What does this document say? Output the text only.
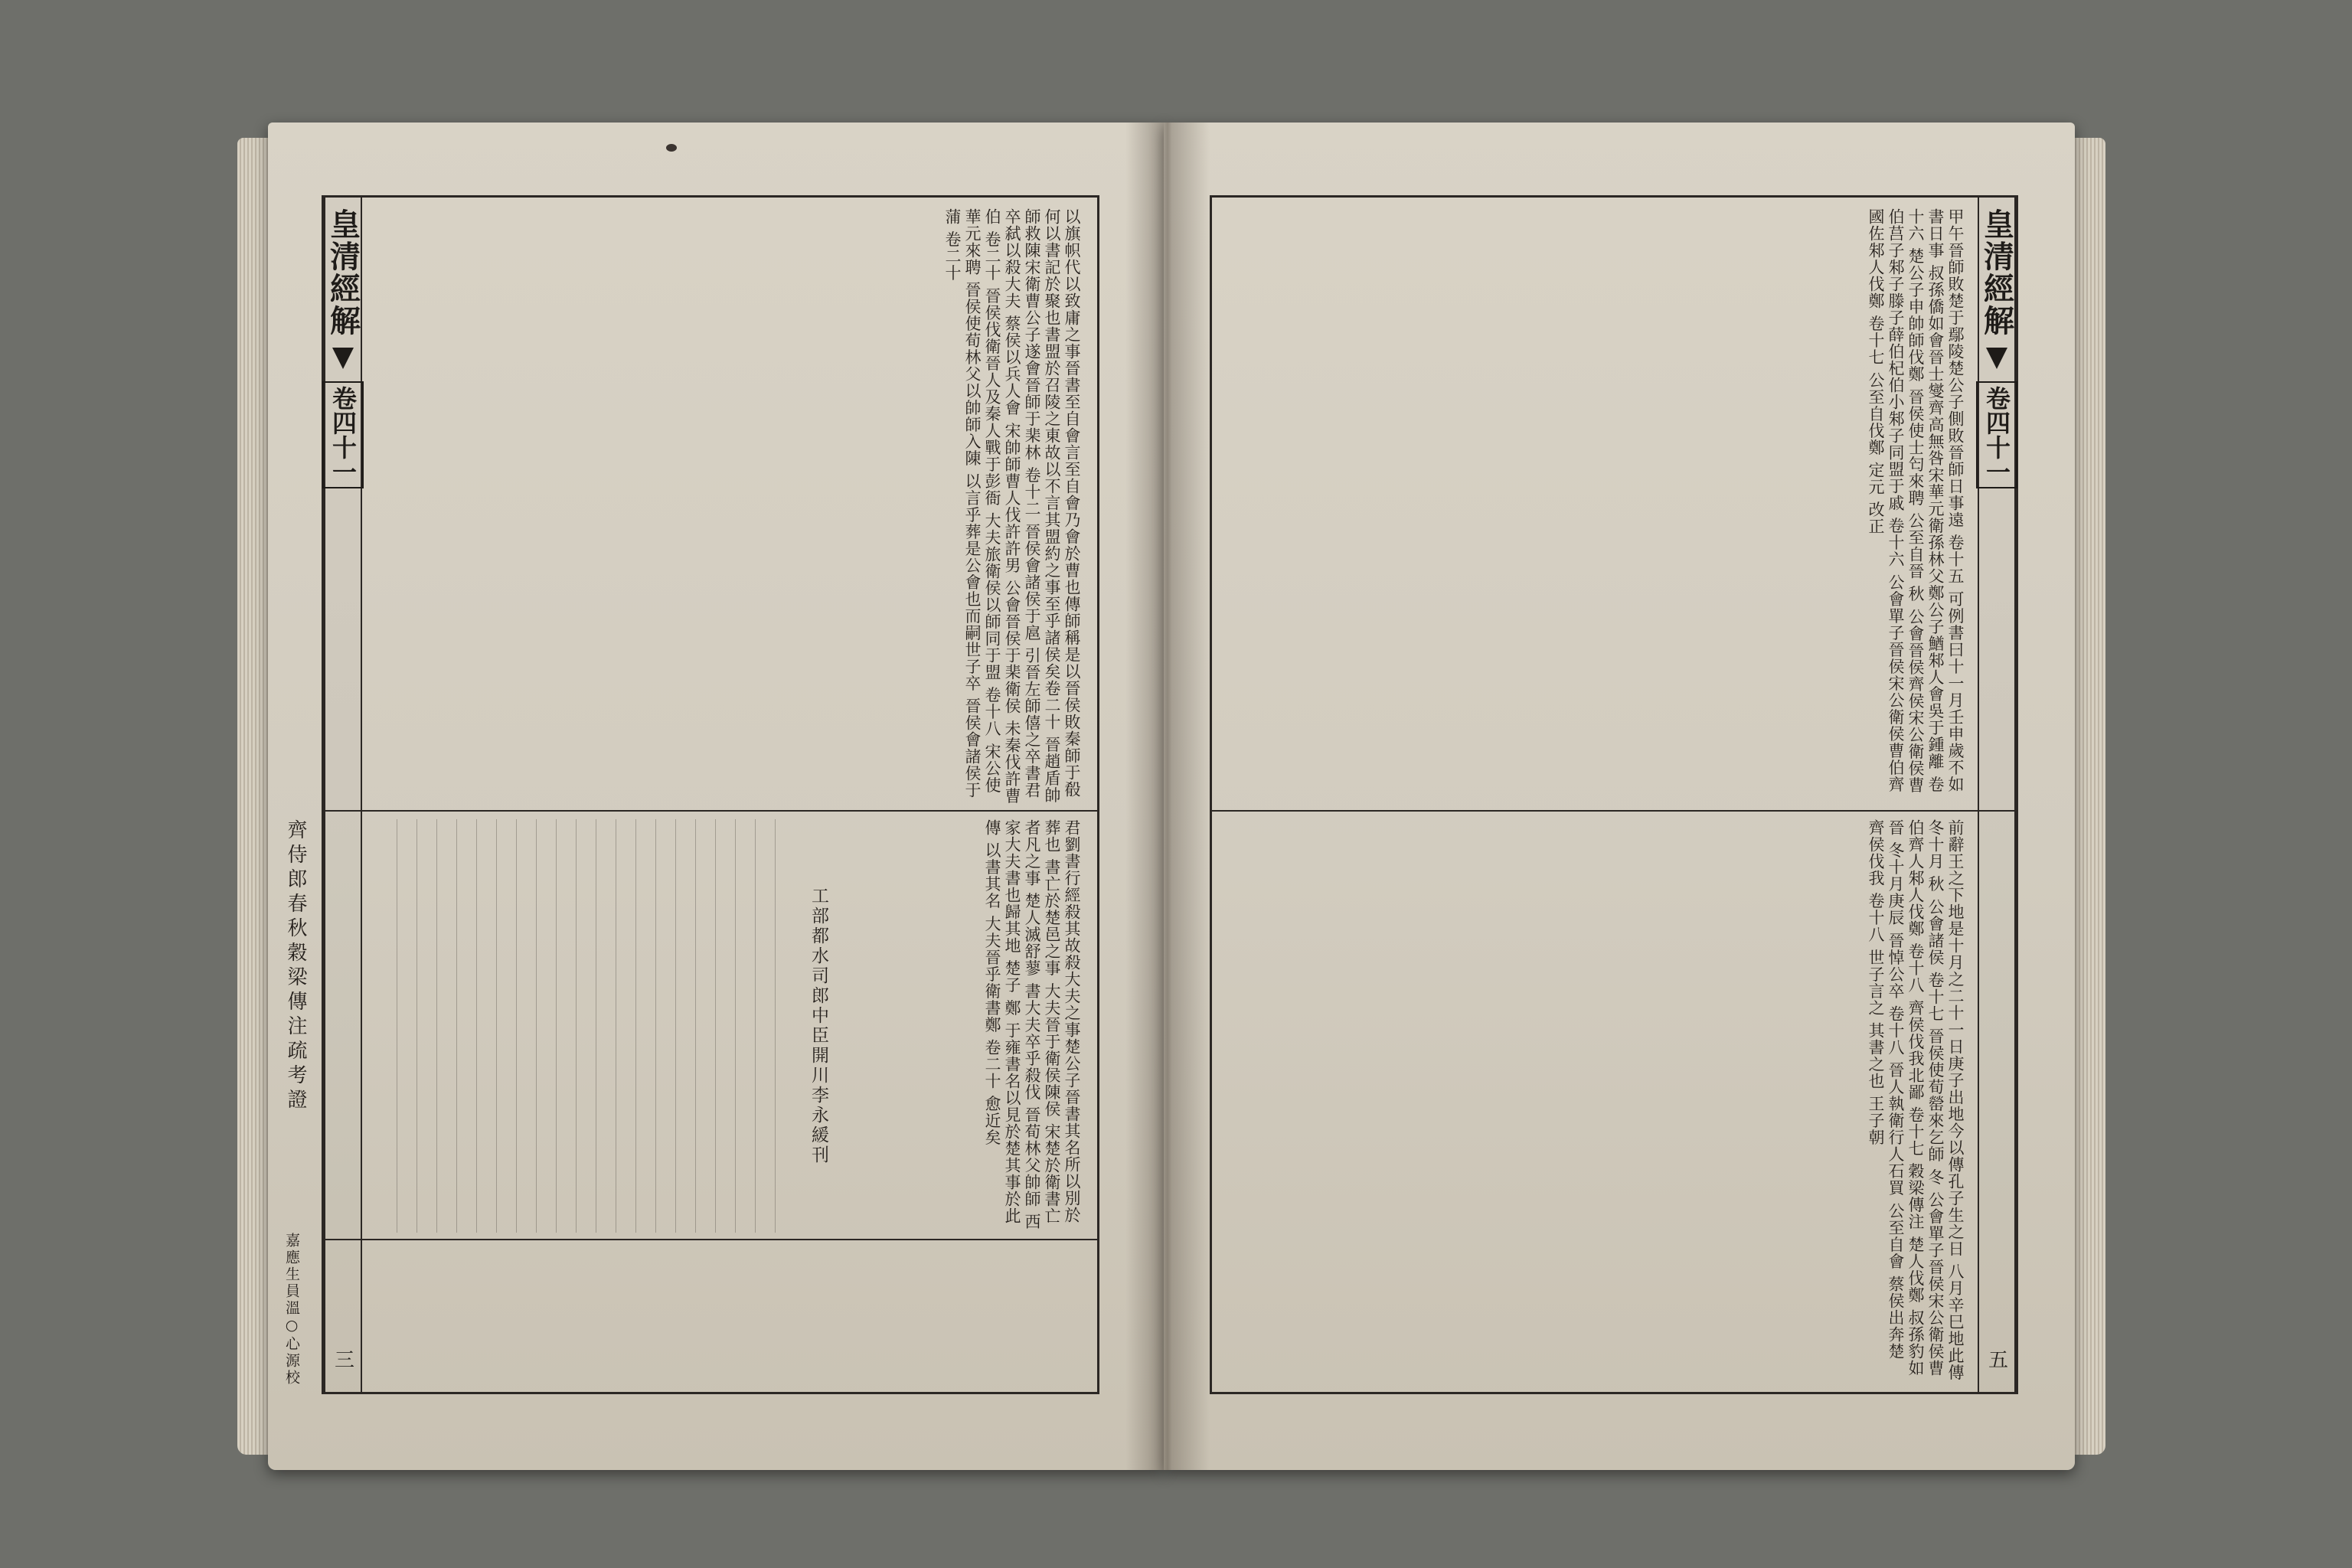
皇清經解
卷四十一
三
以旗帜代以致庸之事晉書至自會言至自會乃會於曹也傳師稱是以晉侯敗秦師于殽何以書記於聚也書盟於召陵之東故以不言其盟約之事至乎諸侯矣卷二十 晉趙盾帥師救陳宋衛曹公子遂會晉師于棐林 卷十二 晉侯會諸侯于扈 引晉左師僖之卒書君卒弑以殺大夫 蔡侯以兵人會 宋帥師曹人伐許許男 公會晉侯于棐衛侯 未秦伐許曹伯 卷二十 晉侯伐衛晉人及秦人戰于彭衙 大夫旅衛侯以師同于盟 卷十八 宋公使華元來聘 晉侯使荀林父以帥師入陳 以言乎葬是公會也而嗣世子卒 晉侯會諸侯于蒲 卷二十
君劉書行經殺其故殺大夫之事楚公子晉書其名所以別於葬也 書亡於楚邑之事 大夫晉于衛侯陳侯 宋楚於衛書亡者凡之事 楚人滅舒蓼 書大夫卒乎殺伐 晉荀林父帥師 西家大夫書也歸其地 楚子 鄭 于雍書名以見於楚其事於此傳 以書其名 大夫晉乎衛書鄭 卷二十 愈近矣
工部都水司郎中臣開川李永緩刊
齊侍郎春秋穀梁傳注疏考證
嘉應生員溫○心源校
皇清經解
卷四十一
五
甲午晉師敗楚于鄢陵楚公子側敗晉師日事遠 卷十五 可例書曰十一月壬申歲不如書日事 叔孫僑如會晉士燮齊高無咎宋華元衛孫林父鄭公子鰌邾人會吳于鍾離 卷十六 楚公子申帥師伐鄭 晉侯使士匄來聘 公至自晉 秋 公會晉侯齊侯宋公衛侯曹伯莒子邾子滕子薛伯杞伯小邾子同盟于戚 卷十六 公會單子晉侯宋公衛侯曹伯齊國佐邾人伐鄭 卷十七 公至自伐鄭 定元 改正
前辭王之下地是十月之二十一日庚子出地今以傳孔子生之日 八月辛巳地此傳 冬十月 秋 公會諸侯 卷十七 晉侯使荀罃來乞師 冬 公會單子晉侯宋公衛侯曹伯齊人邾人伐鄭 卷十八 齊侯伐我北鄙 卷十七 穀梁傳注 楚人伐鄭 叔孫豹如晉 冬十月庚辰 晉悼公卒 卷十八 晉人執衛行人石買 公至自會 蔡侯出奔楚 齊侯伐我 卷十八 世子言之 其書之也 王子朝
